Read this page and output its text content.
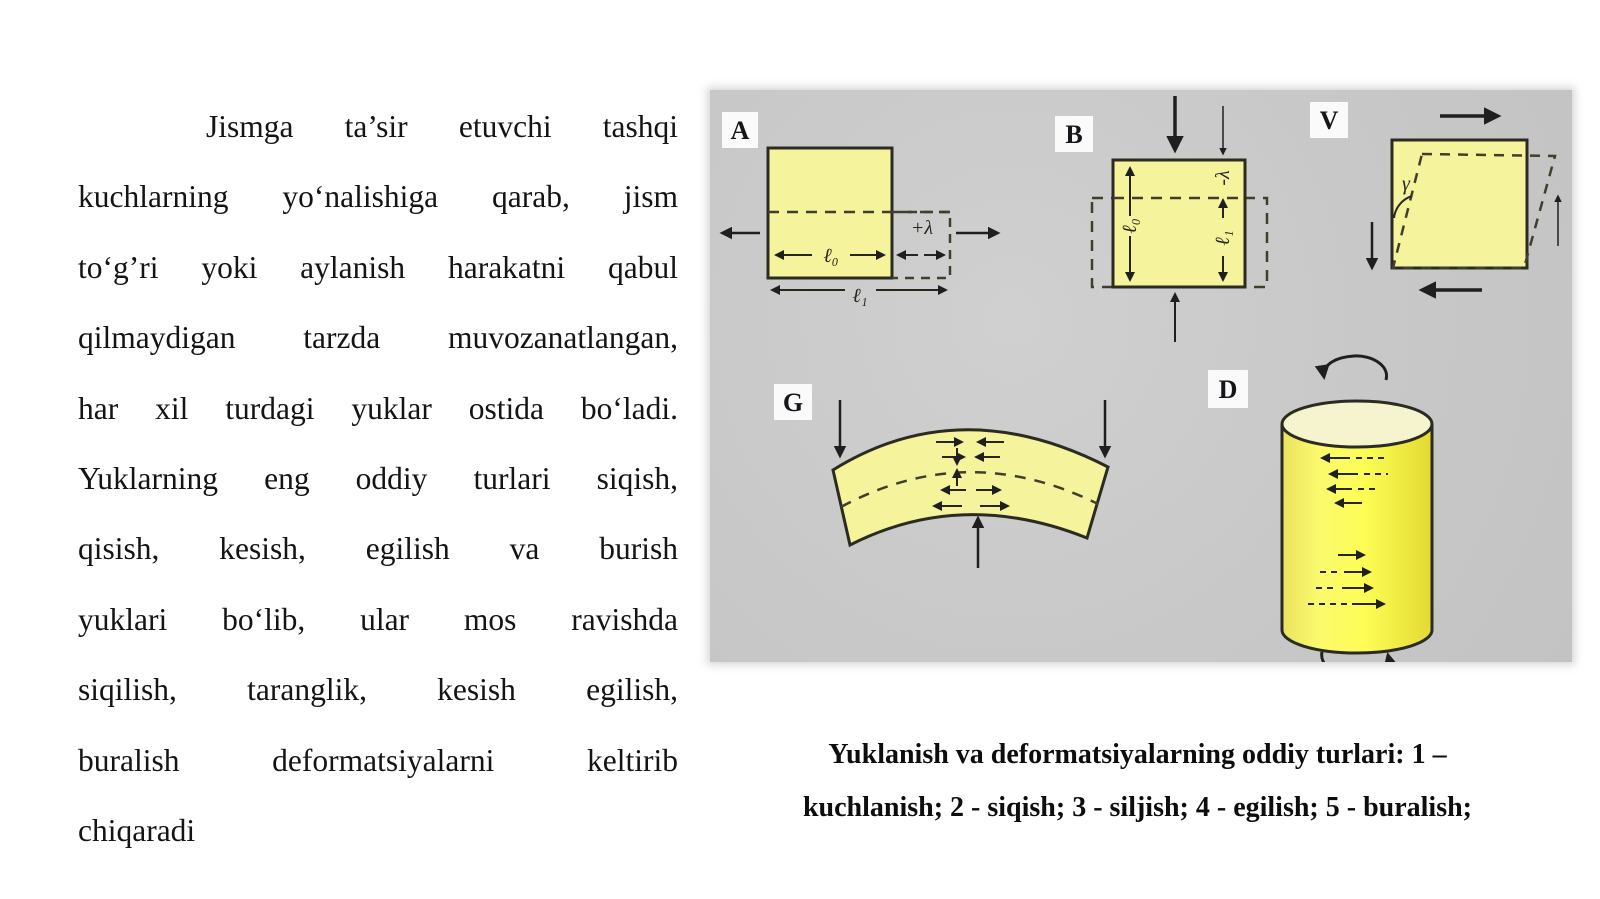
Jismga ta’sir etuvchi tashqi
kuchlarning yo‘nalishiga qarab, jism
to‘g’ri yoki aylanish harakatni qabul
qilmaydigan tarzda muvozanatlangan,
har xil turdagi yuklar ostida bo‘ladi.
Yuklarning eng oddiy turlari siqish,
qisish, kesish, egilish va burish
yuklari bo‘lib, ular mos ravishda
siqilish, taranglik, kesish egilish,
buralish deformatsiyalarni keltirib
chiqaradi
A
+λ
ℓ₀
ℓ₁
B
ℓ₀
-λ
ℓ₁
V
γ
G	D
Yuklanish va deformatsiyalarning oddiy turlari: 1 –
kuchlanish; 2 - siqish; 3 - siljish; 4 - egilish; 5 - buralish;
